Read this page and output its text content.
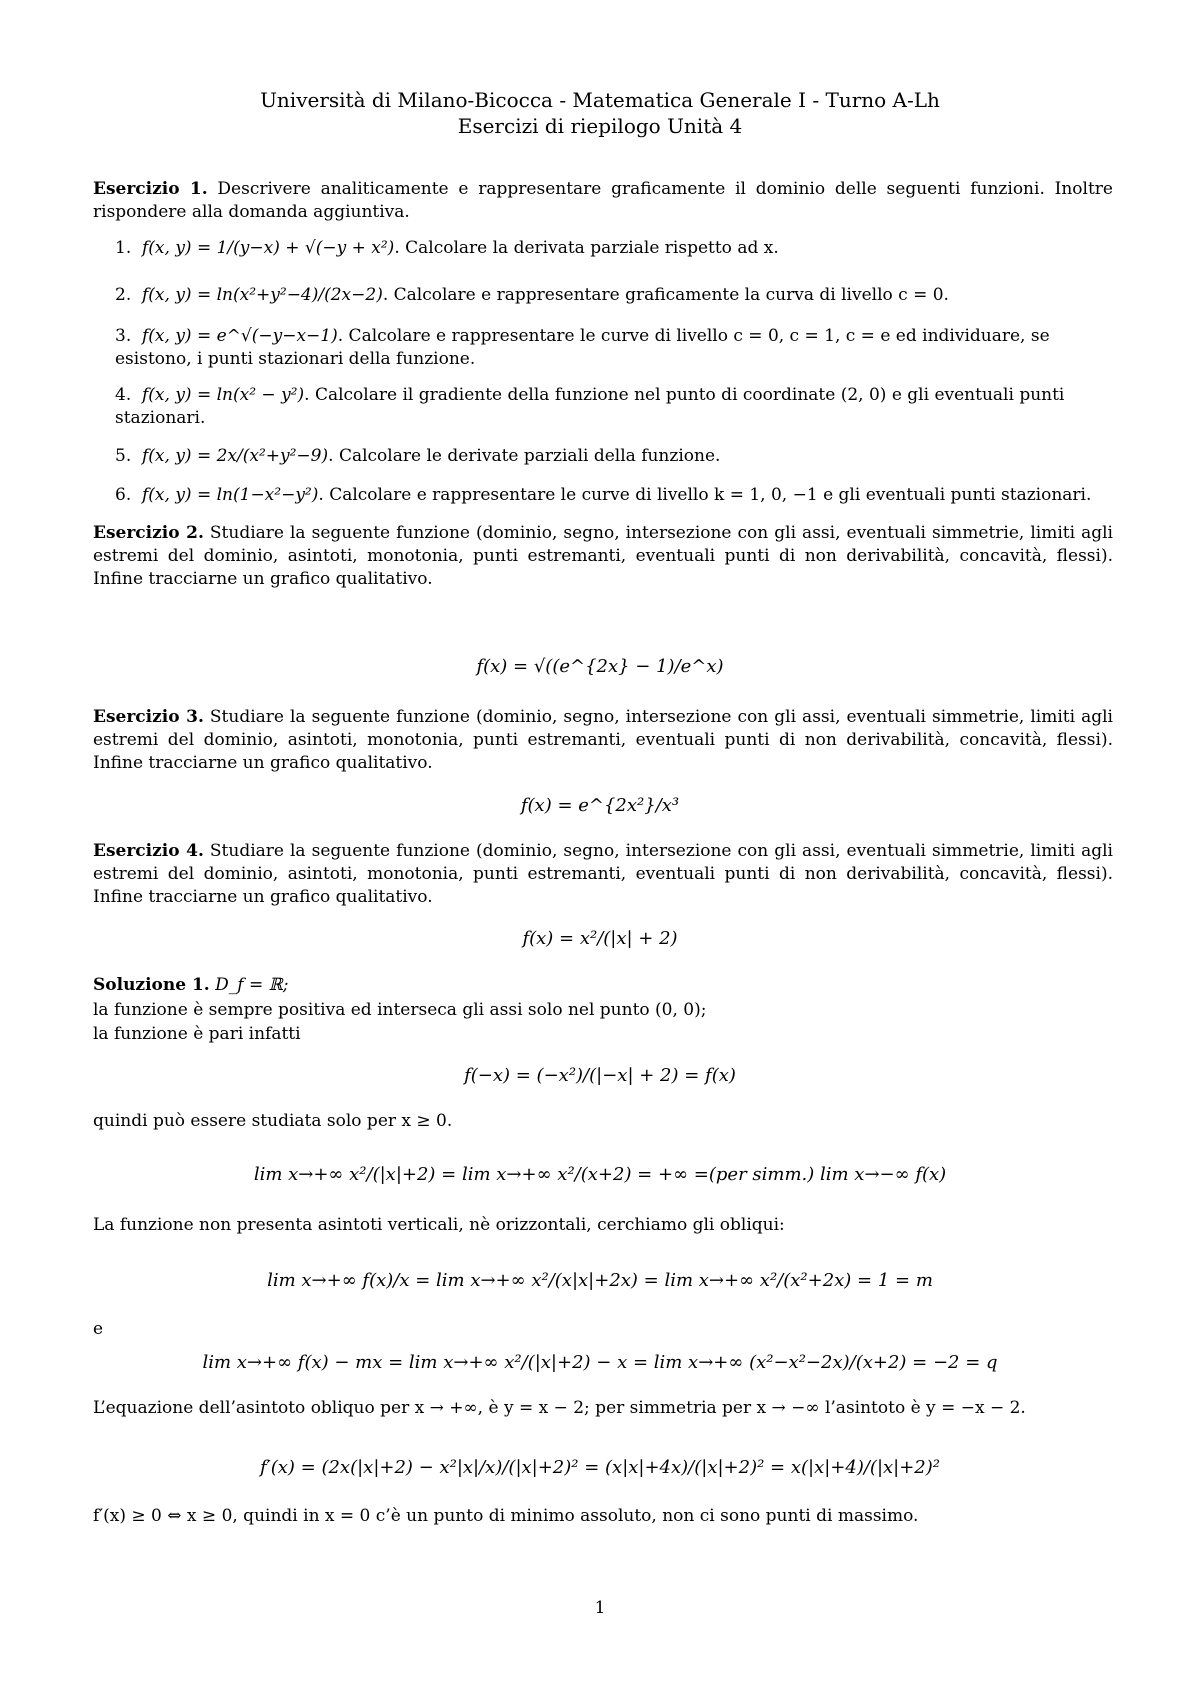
Università di Milano-Bicocca - Matematica Generale I - Turno A-Lh
Esercizi di riepilogo Unità 4
Esercizio 1. Descrivere analiticamente e rappresentare graficamente il dominio delle seguenti funzioni. Inoltre rispondere alla domanda aggiuntiva.
1. f(x, y) = 1/(y−x) + √(−y + x²). Calcolare la derivata parziale rispetto ad x.
2. f(x, y) = ln(x²+y²−4)/(2x−2). Calcolare e rappresentare graficamente la curva di livello c = 0.
3. f(x, y) = e^√(−y−x−1). Calcolare e rappresentare le curve di livello c = 0, c = 1, c = e ed individuare, se esistono, i punti stazionari della funzione.
4. f(x, y) = ln(x² − y²). Calcolare il gradiente della funzione nel punto di coordinate (2, 0) e gli eventuali punti stazionari.
5. f(x, y) = 2x/(x²+y²−9). Calcolare le derivate parziali della funzione.
6. f(x, y) = ln(1−x²−y²). Calcolare e rappresentare le curve di livello k = 1, 0, −1 e gli eventuali punti stazionari.
Esercizio 2. Studiare la seguente funzione (dominio, segno, intersezione con gli assi, eventuali simmetrie, limiti agli estremi del dominio, asintoti, monotonia, punti estremanti, eventuali punti di non derivabilità, concavità, flessi). Infine tracciarne un grafico qualitativo.
f(x) = √((e^{2x} − 1)/e^x)
Esercizio 3. Studiare la seguente funzione (dominio, segno, intersezione con gli assi, eventuali simmetrie, limiti agli estremi del dominio, asintoti, monotonia, punti estremanti, eventuali punti di non derivabilità, concavità, flessi). Infine tracciarne un grafico qualitativo.
f(x) = e^{2x²}/x³
Esercizio 4. Studiare la seguente funzione (dominio, segno, intersezione con gli assi, eventuali simmetrie, limiti agli estremi del dominio, asintoti, monotonia, punti estremanti, eventuali punti di non derivabilità, concavità, flessi). Infine tracciarne un grafico qualitativo.
f(x) = x²/(|x| + 2)
Soluzione 1. D_f = ℝ;
la funzione è sempre positiva ed interseca gli assi solo nel punto (0, 0);
la funzione è pari infatti
f(−x) = (−x²)/(|−x| + 2) = f(x)
quindi può essere studiata solo per x ≥ 0.
lim x→+∞ x²/(|x|+2) = lim x→+∞ x²/(x+2) = +∞ =(per simm.) lim x→−∞ f(x)
La funzione non presenta asintoti verticali, nè orizzontali, cerchiamo gli obliqui:
lim x→+∞ f(x)/x = lim x→+∞ x²/(x|x|+2x) = lim x→+∞ x²/(x²+2x) = 1 = m
e
lim x→+∞ f(x) − mx = lim x→+∞ x²/(|x|+2) − x = lim x→+∞ (x²−x²−2x)/(x+2) = −2 = q
L’equazione dell’asintoto obliquo per x → +∞, è y = x − 2; per simmetria per x → −∞ l’asintoto è y = −x − 2.
f′(x) = (2x(|x|+2) − x²|x|/x)/(|x|+2)² = (x|x|+4x)/(|x|+2)² = x(|x|+4)/(|x|+2)²
f′(x) ≥ 0 ⇔ x ≥ 0, quindi in x = 0 c’è un punto di minimo assoluto, non ci sono punti di massimo.
1
